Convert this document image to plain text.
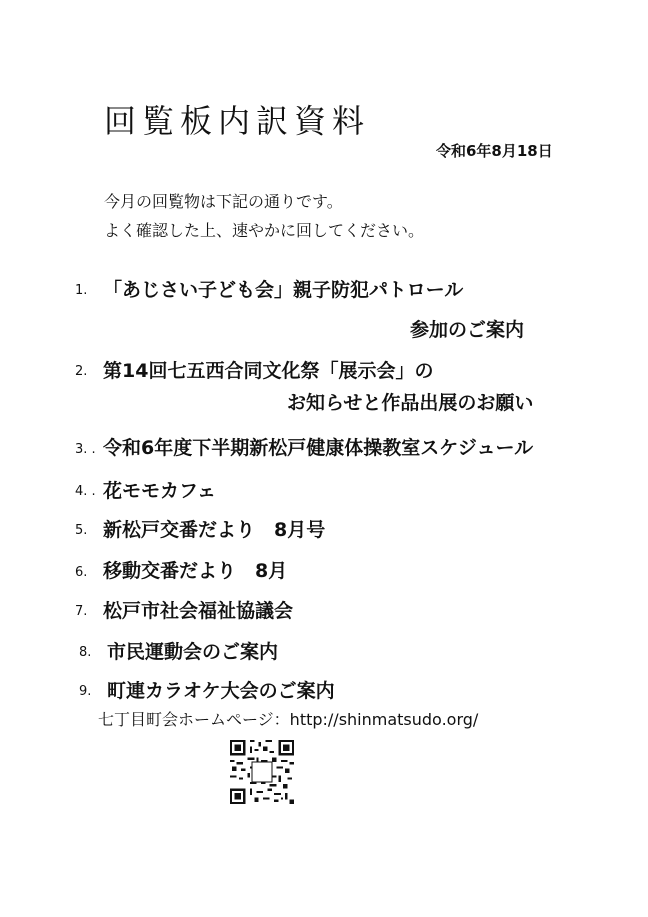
回覧板内訳資料
令和6年8月18日
今月の回覧物は下記の通りです。
よく確認した上、速やかに回してください。
1. 「あじさい子ども会」親子防犯パトロール
参加のご案内
2. 第14回七五西合同文化祭「展示会」の
お知らせと作品出展のお願い
3. . 令和6年度下半期新松戸健康体操教室スケジュール
4. . 花モモカフェ
5. 新松戸交番だより　8月号
6. 移動交番だより　8月
7. 松戸市社会福祉協議会
8. 市民運動会のご案内
9. 町連カラオケ大会のご案内
七丁目町会ホームページ：http://shinmatsudo.org/
